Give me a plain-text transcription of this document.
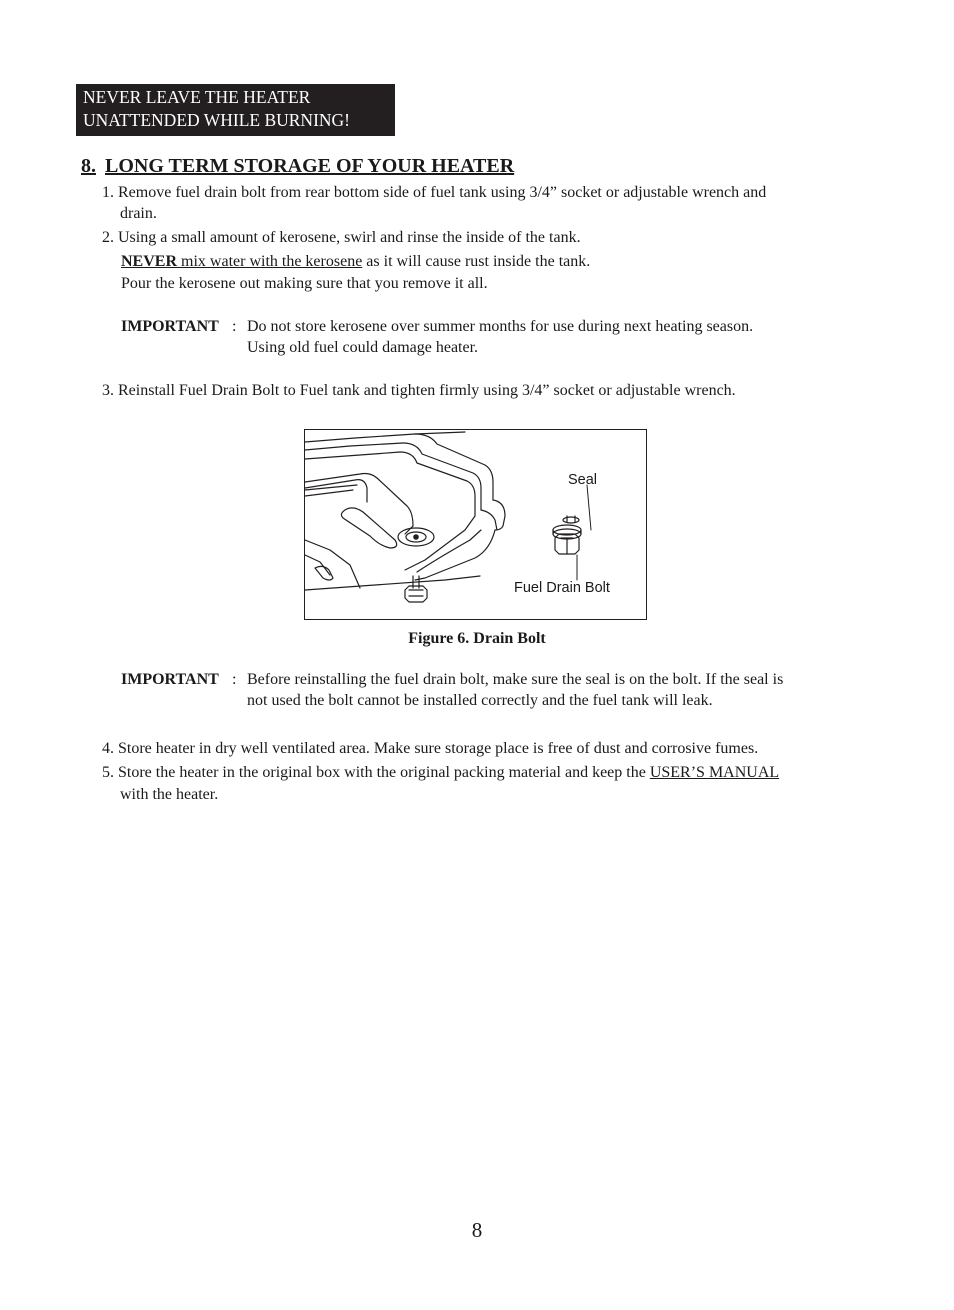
NEVER LEAVE THE HEATER
UNATTENDED WHILE BURNING!
8. LONG TERM STORAGE OF YOUR HEATER
1. Remove fuel drain bolt from rear bottom side of fuel tank using 3/4” socket or adjustable wrench and
drain.
2. Using a small amount of kerosene, swirl and rinse the inside of the tank.
NEVER mix water with the kerosene as it will cause rust inside the tank.
Pour the kerosene out making sure that you remove it all.
IMPORTANT : Do not store kerosene over summer months for use during next heating season.
Using old fuel could damage heater.
3. Reinstall Fuel Drain Bolt to Fuel tank and tighten firmly using 3/4” socket or adjustable wrench.
Seal
Fuel Drain Bolt
Figure 6. Drain Bolt
IMPORTANT : Before reinstalling the fuel drain bolt, make sure the seal is on the bolt. If the seal is
not used the bolt cannot be installed correctly and the fuel tank will leak.
4. Store heater in dry well ventilated area. Make sure storage place is free of dust and corrosive fumes.
5. Store the heater in the original box with the original packing material and keep the USER’S MANUAL
with the heater.
8
